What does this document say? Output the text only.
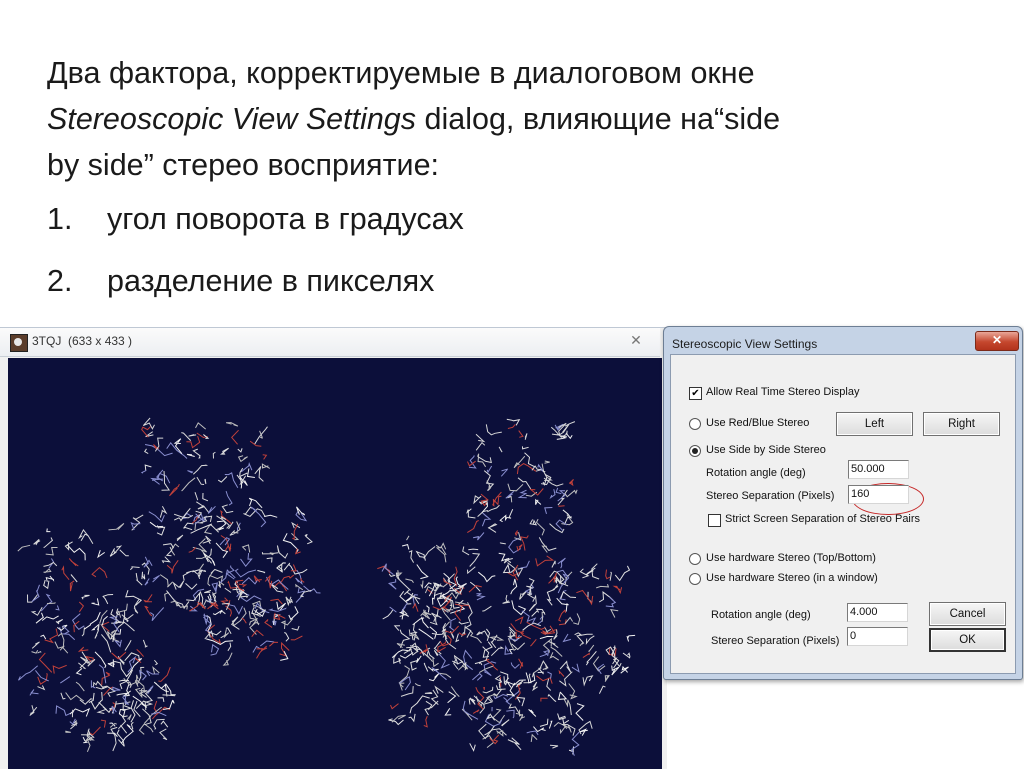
Два фактора, корректируемые в диалоговом окне

Stereoscopic View Settings dialog, влияющие на“side

by side” стерео восприятие:

1.	угол поворота в градусах
2.	разделение в пикселях
3TQJ (633 x 433 )	✕	Stereoscopic View Settings	✕
✔ Allow Real Time Stereo Display
Use Red/Blue Stereo	Left	Right
Use Side by Side Stereo
Rotation angle (deg)	50.000
Stereo Separation (Pixels) 160
Strict Screen Separation of Stereo Pairs
Use hardware Stereo (Top/Bottom)
Use hardware Stereo (in a window)
Rotation angle (deg)	4.000	Cancel
Stereo Separation (Pixels) 0	OK
